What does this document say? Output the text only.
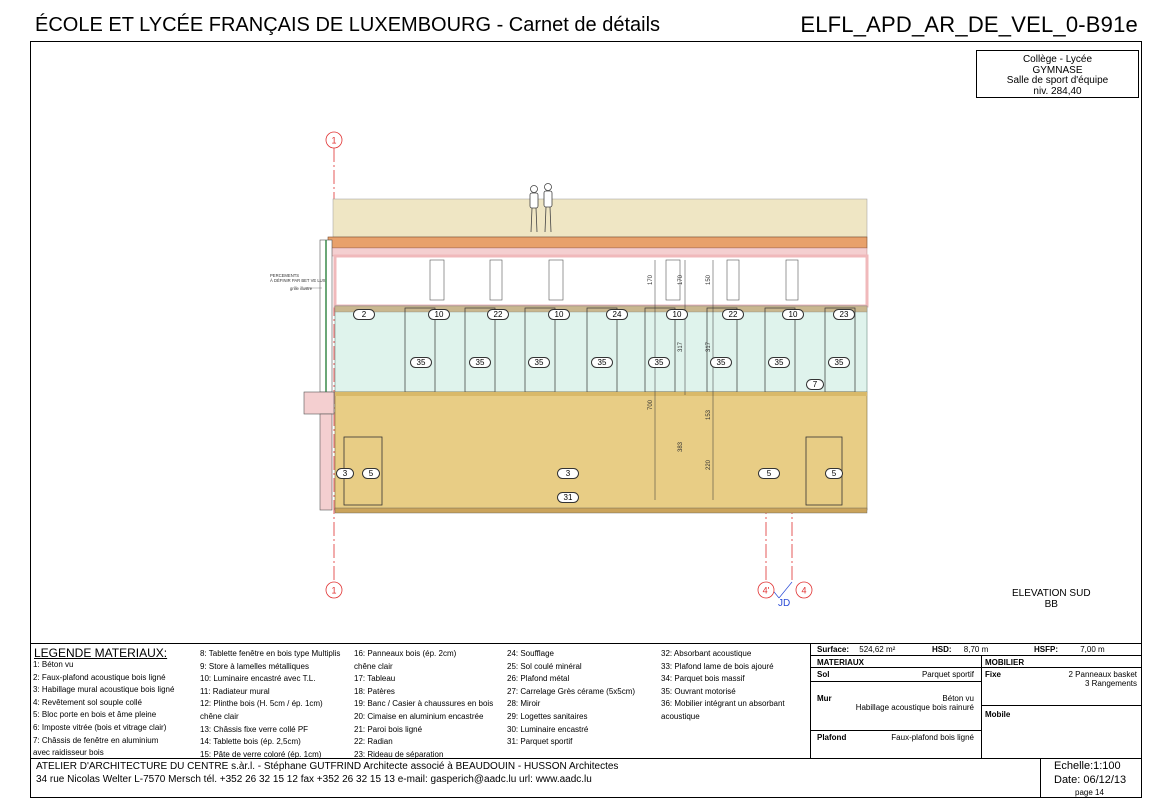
ÉCOLE ET LYCÉE FRANÇAIS DE LUXEMBOURG - Carnet de détails	ELFL_APD_AR_DE_VEL_0-B91e
Collège - Lycée
GYMNASE
Salle de sport d'équipe
niv. 284,40
1
1	4'	4
170	170	150
317
700
383
153
220
317
PERCEMENTS
À DÉFINIR PAR BET VE LUX
grille illustre
2	10	22	10	24	10	22	10	23
35	35	35	35	35	35	35	35
7
3	5	3	5	5
31
JD
ELEVATION SUD
BB
LEGENDE MATERIAUX:
1: Béton vu
2: Faux-plafond acoustique bois ligné
3: Habillage mural acoustique bois ligné
4: Revêtement sol souple collé
5: Bloc porte en bois et âme pleine
6: Imposte vitrée (bois et vitrage clair)
7: Châssis de fenêtre en aluminium
avec raidisseur bois
8: Tablette fenêtre en bois type Multiplis
9: Store à lamelles métalliques
10: Luminaire encastré avec T.L.
11: Radiateur mural
12: Plinthe bois (H. 5cm / ép. 1cm)
chêne clair
13: Châssis fixe verre collé PF
14: Tablette bois (ép. 2,5cm)
15: Pâte de verre coloré (ép. 1cm)
16: Panneaux bois (ép. 2cm)
chêne clair
17: Tableau
18: Patères
19: Banc / Casier à chaussures en bois
20: Cimaise en aluminium encastrée
21: Paroi bois ligné
22: Radian
23: Rideau de séparation
24: Soufflage
25: Sol coulé minéral
26: Plafond métal
27: Carrelage Grès cérame (5x5cm)
28: Miroir
29: Logettes sanitaires
30: Luminaire encastré
31: Parquet sportif
32: Absorbant acoustique
33: Plafond lame de bois ajouré
34: Parquet bois massif
35: Ouvrant motorisé
36: Mobilier intégrant un absorbant
acoustique
Surface: 524,62 m²	HSD: 8,70 m	HSFP:	7,00 m
MATERIAUX	MOBILIER
Sol	Parquet sportif
Mur	Béton vu
Habillage acoustique bois rainuré
Plafond	Faux-plafond bois ligné
Fixe	2 Panneaux basket
3 Rangements
Mobile
ATELIER D'ARCHITECTURE DU CENTRE s.àr.l. - Stéphane GUTFRIND Architecte associé à BEAUDOUIN - HUSSON Architectes
34 rue Nicolas Welter L-7570 Mersch tél. +352 26 32 15 12 fax +352 26 32 15 13 e-mail: gasperich@aadc.lu url: www.aadc.lu
Echelle:1:100
Date: 06/12/13
page 14
